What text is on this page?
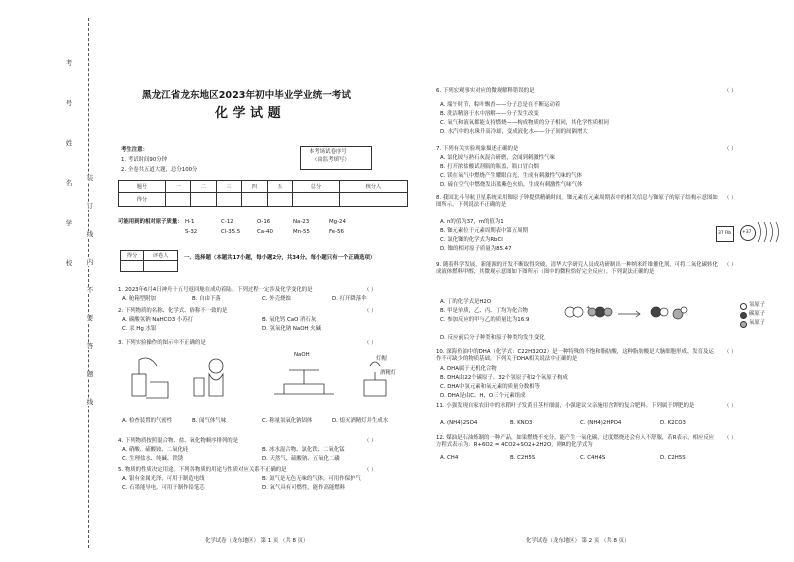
考
号
姓
名
学
校
装
订
线
内
不
要
答
题
线
黑龙江省龙东地区2023年初中毕业学业统一考试
化 学 试 题
考生注意：
1. 考试时间90分钟
2. 全卷共五道大题，总分100分
本考场试卷序号
（由监考填写）
题号	一	二	三	四	五	总分	核分人
得分							
可能用到的相对原子质量： H-1	C-12	O-16	Na-23	Mg-24
S-32	Cl-35.5	Ca-40	Mn-55	Fe-56
得分	评卷人
		一、选择题（本题共17小题，每小题2分，共34分。每小题只有一个正确选项）
1. 2023年6月4日神舟十五号返回舱在成功着陆。下列过程一定涉及化学变化的是	（ ）
A. 舱箱型附加	B. 自由下落	C. 外壳烧蚀	D. 打开降落伞
2. 下列物质的名称、化学式、俗称不一致的是	（ ）
A. 碳酸氢钠 NaHCO3 小苏打	B. 氧化钙 CaO 消石灰
C. 汞 Hg 水银	D. 氢氧化钠 NaOH 火碱
3. 下列实验操作的图示中不正确的是	（ ）
A. 检查装置的气密性	B. 闻气体气味	C. 称量氢氧化钠固体	D. 熄灭酒精灯并生成水
4. 下列物质按照混合物、盐、氧化物顺序排列的是	（ ）
A. 硝酸、硫酸铵、二氧化硅	B. 冰水混合物、氯化铁、二氧化锰
C. 生理盐水、纯碱、铁锈	D. 天然气、硫酸钠、五氧化二磷
5. 物质的性质决定用途。下列各物质的用途与性质对应关系不正确的是	（ ）
A. 银有金属光泽，可用于制造电线	B. 氮气是无色无味的气体，可用作保护气
C. 石墨能导电，可用于制作铅笔芯	D. 氧气具有可燃性，能作高能燃料
NaOH
灯帽
酒精灯
化学试卷（龙东地区） 第 1 页 （共 8 页）
6. 下列宏观事实对应的微观解释错误的是	（ ）
A. 端午时节，粽叶飘香——分子总是在不断运动着
B. 洗洁精溶于水中溶解——分子发生改变
C. 氧气和液氧都能支持燃烧——构成物质的分子相同，其化学性质相同
D. 水汽中的水珠升高冷却，变成液化水——分子间的间隔增大
7. 下列有关实验现象描述正确的是	（ ）
A. 氯化铵与熟石灰混合研磨，会闻到刺激性气味
B. 打开浓盐酸试剂瓶的瓶盖，瓶口冒白烟
C. 镁在氧气中燃烧产生耀眼白光，生成有刺激性气味的气体
D. 硫在空气中燃烧发出蓝紫色火焰，生成有刺激性气味气体
8. 我国北斗导航卫星系统采用铷原子钟提供精确时间。铷元素在元素周期表中的相关信息与铷原子的原子结构示意图如图所示。下列说法不正确的是
（ ）
A. n的值为37，m的值为1
B. 铷元素位于元素周期表中第五周期
C. 氯化铷的化学式为RbCl
D. 铷的相对原子质量为85.47
9. 随着科学发展，新能源的开发不断取得突破。清华大学研究人员成功研制出一种纳米纤维催化剂，可将二氧化碳转化成液体燃料甲醇，其微观示意图如下图所示（图中的微粒恰好完全反应）。下列说法正确的是
（ ）
A. 丁的化学式是H2O
B. 甲是单质，乙、丙、丁均为化合物
C. 参加反应的甲与乙的质量比为16:9
D. 反应前后分子种类和原子种类均发生变化
10. 深海鱼油中的DHA（化学式：C22H32O2）是一种特殊的不饱和脂肪酸，这种脂肪酸是大脑细胞形成、发育及运作不可缺少的物质基础。下列关于DHA相关说法中正确的是
（ ）
A. DHA属于无机化合物
B. DHA由22个碳原子、32个氢原子和2个氧原子构成
C. DHA中氢元素和氧元素的质量分数相等
D. DHA是由C、H、O三个元素组成
11. 小强发现自家农田中的水稻叶子发黄且茎杆细弱，小强建议父亲施用含钾的复合肥料。下列属于钾肥的是	（ ）
A. (NH4)2SO4	B. KNO3	C. (NH4)2HPO4	D. K2CO3
12. 煤油是石油炼制的一种产品，如果燃烧不充分，能产生一氧化碳，过度燃烧还会有人不舒服，若R表示，相应反应方程式表示为：R+6O2 = 4CO2+SO2+2H2O，则R的化学式为
（ ）
A. CH4	B. C2H5S	C. C4H4S	D. C2H5S
37 Rb +37
+	氢原子
碳原子
氧原子
化学试卷（龙东地区） 第 2 页 （共 8 页）
